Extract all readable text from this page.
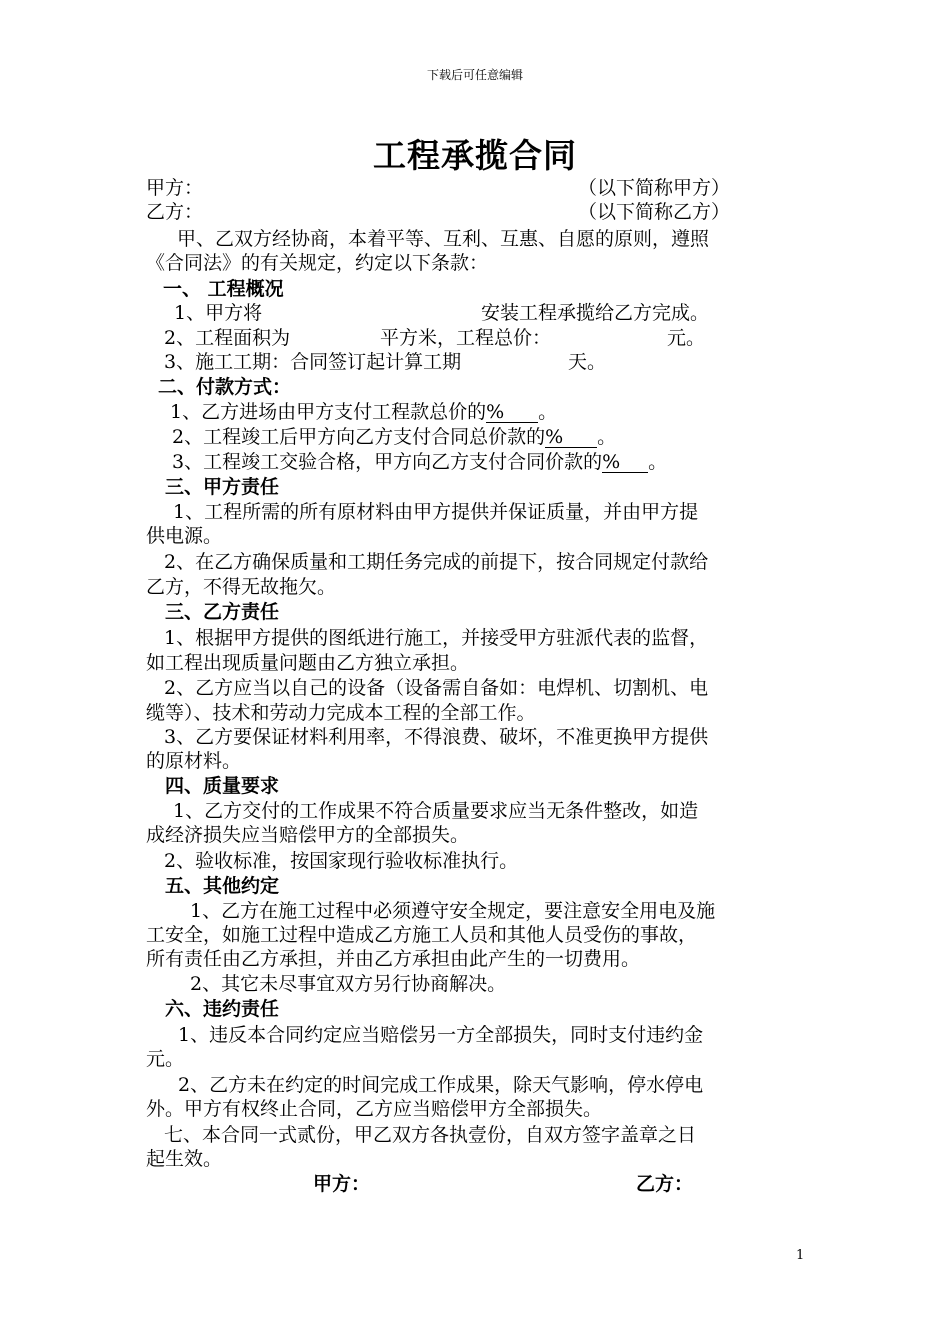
下载后可任意编辑
工程承揽合同
甲方：	（以下简称甲方）
乙方：	（以下简称乙方）
甲、乙双方经协商，本着平等、互利、互惠、自愿的原则，遵照
《合同法》的有关规定，约定以下条款：
一、 工程概况
1、甲方将	安装工程承揽给乙方完成。
2、工程面积为	平方米，工程总价：	元。
3、施工工期：合同签订起计算工期	天。
二、付款方式：
1、乙方进场由甲方支付工程款总价的% 。
2、工程竣工后甲方向乙方支付合同总价款的% 。
3、工程竣工交验合格，甲方向乙方支付合同价款的% 。
三、甲方责任
1、工程所需的所有原材料由甲方提供并保证质量，并由甲方提
供电源。
2、在乙方确保质量和工期任务完成的前提下，按合同规定付款给
乙方，不得无故拖欠。
三、乙方责任
1、根据甲方提供的图纸进行施工，并接受甲方驻派代表的监督，
如工程出现质量问题由乙方独立承担。
2、乙方应当以自己的设备（设备需自备如：电焊机、切割机、电
缆等）、技术和劳动力完成本工程的全部工作。
3、乙方要保证材料利用率，不得浪费、破坏，不准更换甲方提供
的原材料。
四、质量要求
1、乙方交付的工作成果不符合质量要求应当无条件整改，如造
成经济损失应当赔偿甲方的全部损失。
2、验收标准，按国家现行验收标准执行。
五、其他约定
1、乙方在施工过程中必须遵守安全规定，要注意安全用电及施
工安全，如施工过程中造成乙方施工人员和其他人员受伤的事故，
所有责任由乙方承担，并由乙方承担由此产生的一切费用。
2、其它未尽事宜双方另行协商解决。
六、违约责任
1、违反本合同约定应当赔偿另一方全部损失，同时支付违约金
元。
2、乙方未在约定的时间完成工作成果，除天气影响，停水停电
外。甲方有权终止合同，乙方应当赔偿甲方全部损失。
七、本合同一式贰份，甲乙双方各执壹份，自双方签字盖章之日
起生效。
甲方：	乙方：
1
